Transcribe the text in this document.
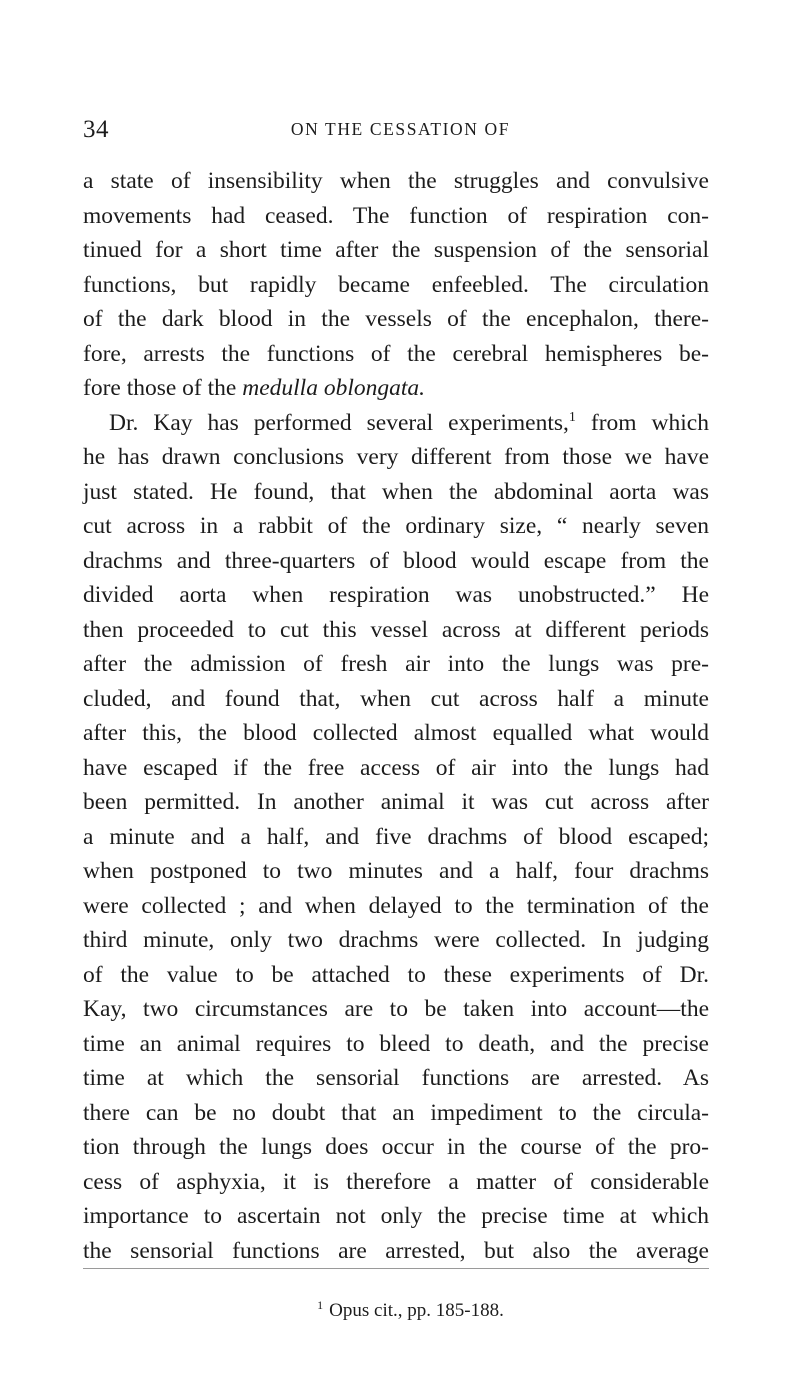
34	ON THE CESSATION OF
a state of insensibility when the struggles and convulsive
movements had ceased. The function of respiration con-
tinued for a short time after the suspension of the sensorial
functions, but rapidly became enfeebled. The circulation
of the dark blood in the vessels of the encephalon, there-
fore, arrests the functions of the cerebral hemispheres be-
fore those of the medulla oblongata.
Dr. Kay has performed several experiments,$^1$ from which
he has drawn conclusions very different from those we have
just stated. He found, that when the abdominal aorta was
cut across in a rabbit of the ordinary size, “ nearly seven
drachms and three-quarters of blood would escape from the
divided aorta when respiration was unobstructed.” He
then proceeded to cut this vessel across at different periods
after the admission of fresh air into the lungs was pre-
cluded, and found that, when cut across half a minute
after this, the blood collected almost equalled what would
have escaped if the free access of air into the lungs had
been permitted. In another animal it was cut across after
a minute and a half, and five drachms of blood escaped;
when postponed to two minutes and a half, four drachms
were collected ; and when delayed to the termination of the
third minute, only two drachms were collected. In judging
of the value to be attached to these experiments of Dr.
Kay, two circumstances are to be taken into account—the
time an animal requires to bleed to death, and the precise
time at which the sensorial functions are arrested. As
there can be no doubt that an impediment to the circula-
tion through the lungs does occur in the course of the pro-
cess of asphyxia, it is therefore a matter of considerable
importance to ascertain not only the precise time at which
the sensorial functions are arrested, but also the average
$^1$ Opus cit., pp. 185-188.
